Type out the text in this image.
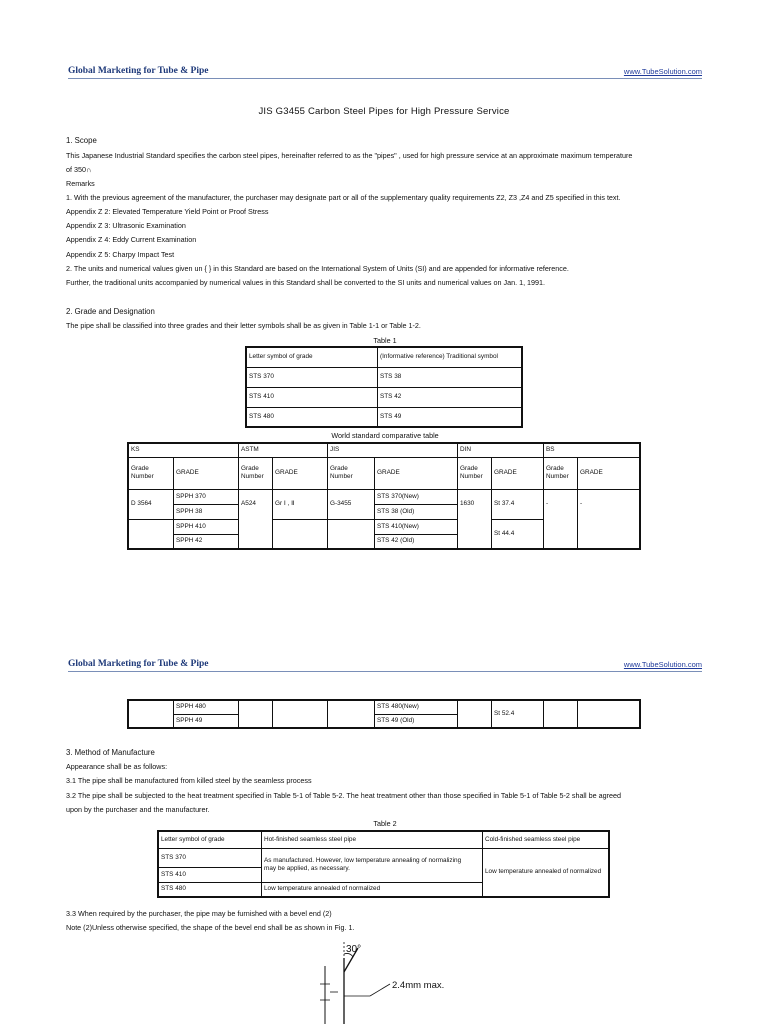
Global Marketing for Tube & Pipe	www.TubeSolution.com
JIS G3455 Carbon Steel Pipes for High Pressure Service
1. Scope
This Japanese Industrial Standard specifies the carbon steel pipes, hereinafter referred to as the "pipes" , used for high pressure service at an approximate maximum temperature
of 350∩
Remarks
1. With the previous agreement of the manufacturer, the purchaser may designate part or all of the supplementary quality requirements Z2, Z3 ,Z4 and Z5 specified in this text.
Appendix Z 2: Elevated Temperature Yield Point or Proof Stress
Appendix Z 3: Ultrasonic Examination
Appendix Z 4: Eddy Current Examination
Appendix Z 5: Charpy Impact Test
2. The units and numerical values given un { } in this Standard are based on the International System of Units (SI) and are appended for informative reference.
Further, the traditional units accompanied by numerical values in this Standard shall be converted to the SI units and numerical values on Jan. 1, 1991.
2. Grade and Designation
The pipe shall be classified into three grades and their letter symbols shall be as given in Table 1-1 or Table 1-2.
Table 1
Letter symbol of grade	(Informative reference) Traditional symbol
STS 370	STS 38
STS 410	STS 42
STS 480	STS 49
World standard comparative table
KS		ASTM		JIS		DIN		BS	
Grade Number	GRADE	Grade Number	GRADE	Grade Number	GRADE	Grade Number	GRADE	Grade Number	GRADE
D 3564	SPPH 370	A524	Gr Ⅰ , Ⅱ	G-3455	STS 370(New)	1630	St 37.4	-	-
	SPPH 38				STS 38 (Old)				
	SPPH 410				STS 410(New)		St 44.4		
	SPPH 42				STS 42 (Old)				
Global Marketing for Tube & Pipe	www.TubeSolution.com
	SPPH 480				STS 480(New)		St 52.4		
	SPPH 49				STS 49 (Old)				
3. Method of Manufacture
Appearance shall be as follows:
3.1 The pipe shall be manufactured from killed steel by the seamless process
3.2 The pipe shall be subjected to the heat treatment specified in Table 5-1 of Table 5-2. The heat treatment other than those specified in Table 5-1 of Table 5-2 shall be agreed
upon by the purchaser and the manufacturer.
Table 2
Letter symbol of grade	Hot-finished seamless steel pipe	Cold-finished seamless steel pipe
STS 370	As manufactured. However, low temperature annealing of normalizing
may be applied, as necessary.	Low temperature annealed of normalized
STS 410		
STS 480	Low temperature annealed of normalized	
3.3 When required by the purchaser, the pipe may be furnished with a bevel end (2)
Note (2)Unless otherwise specified, the shape of the bevel end shall be as shown in Fig. 1.
30°
2.4mm max.
